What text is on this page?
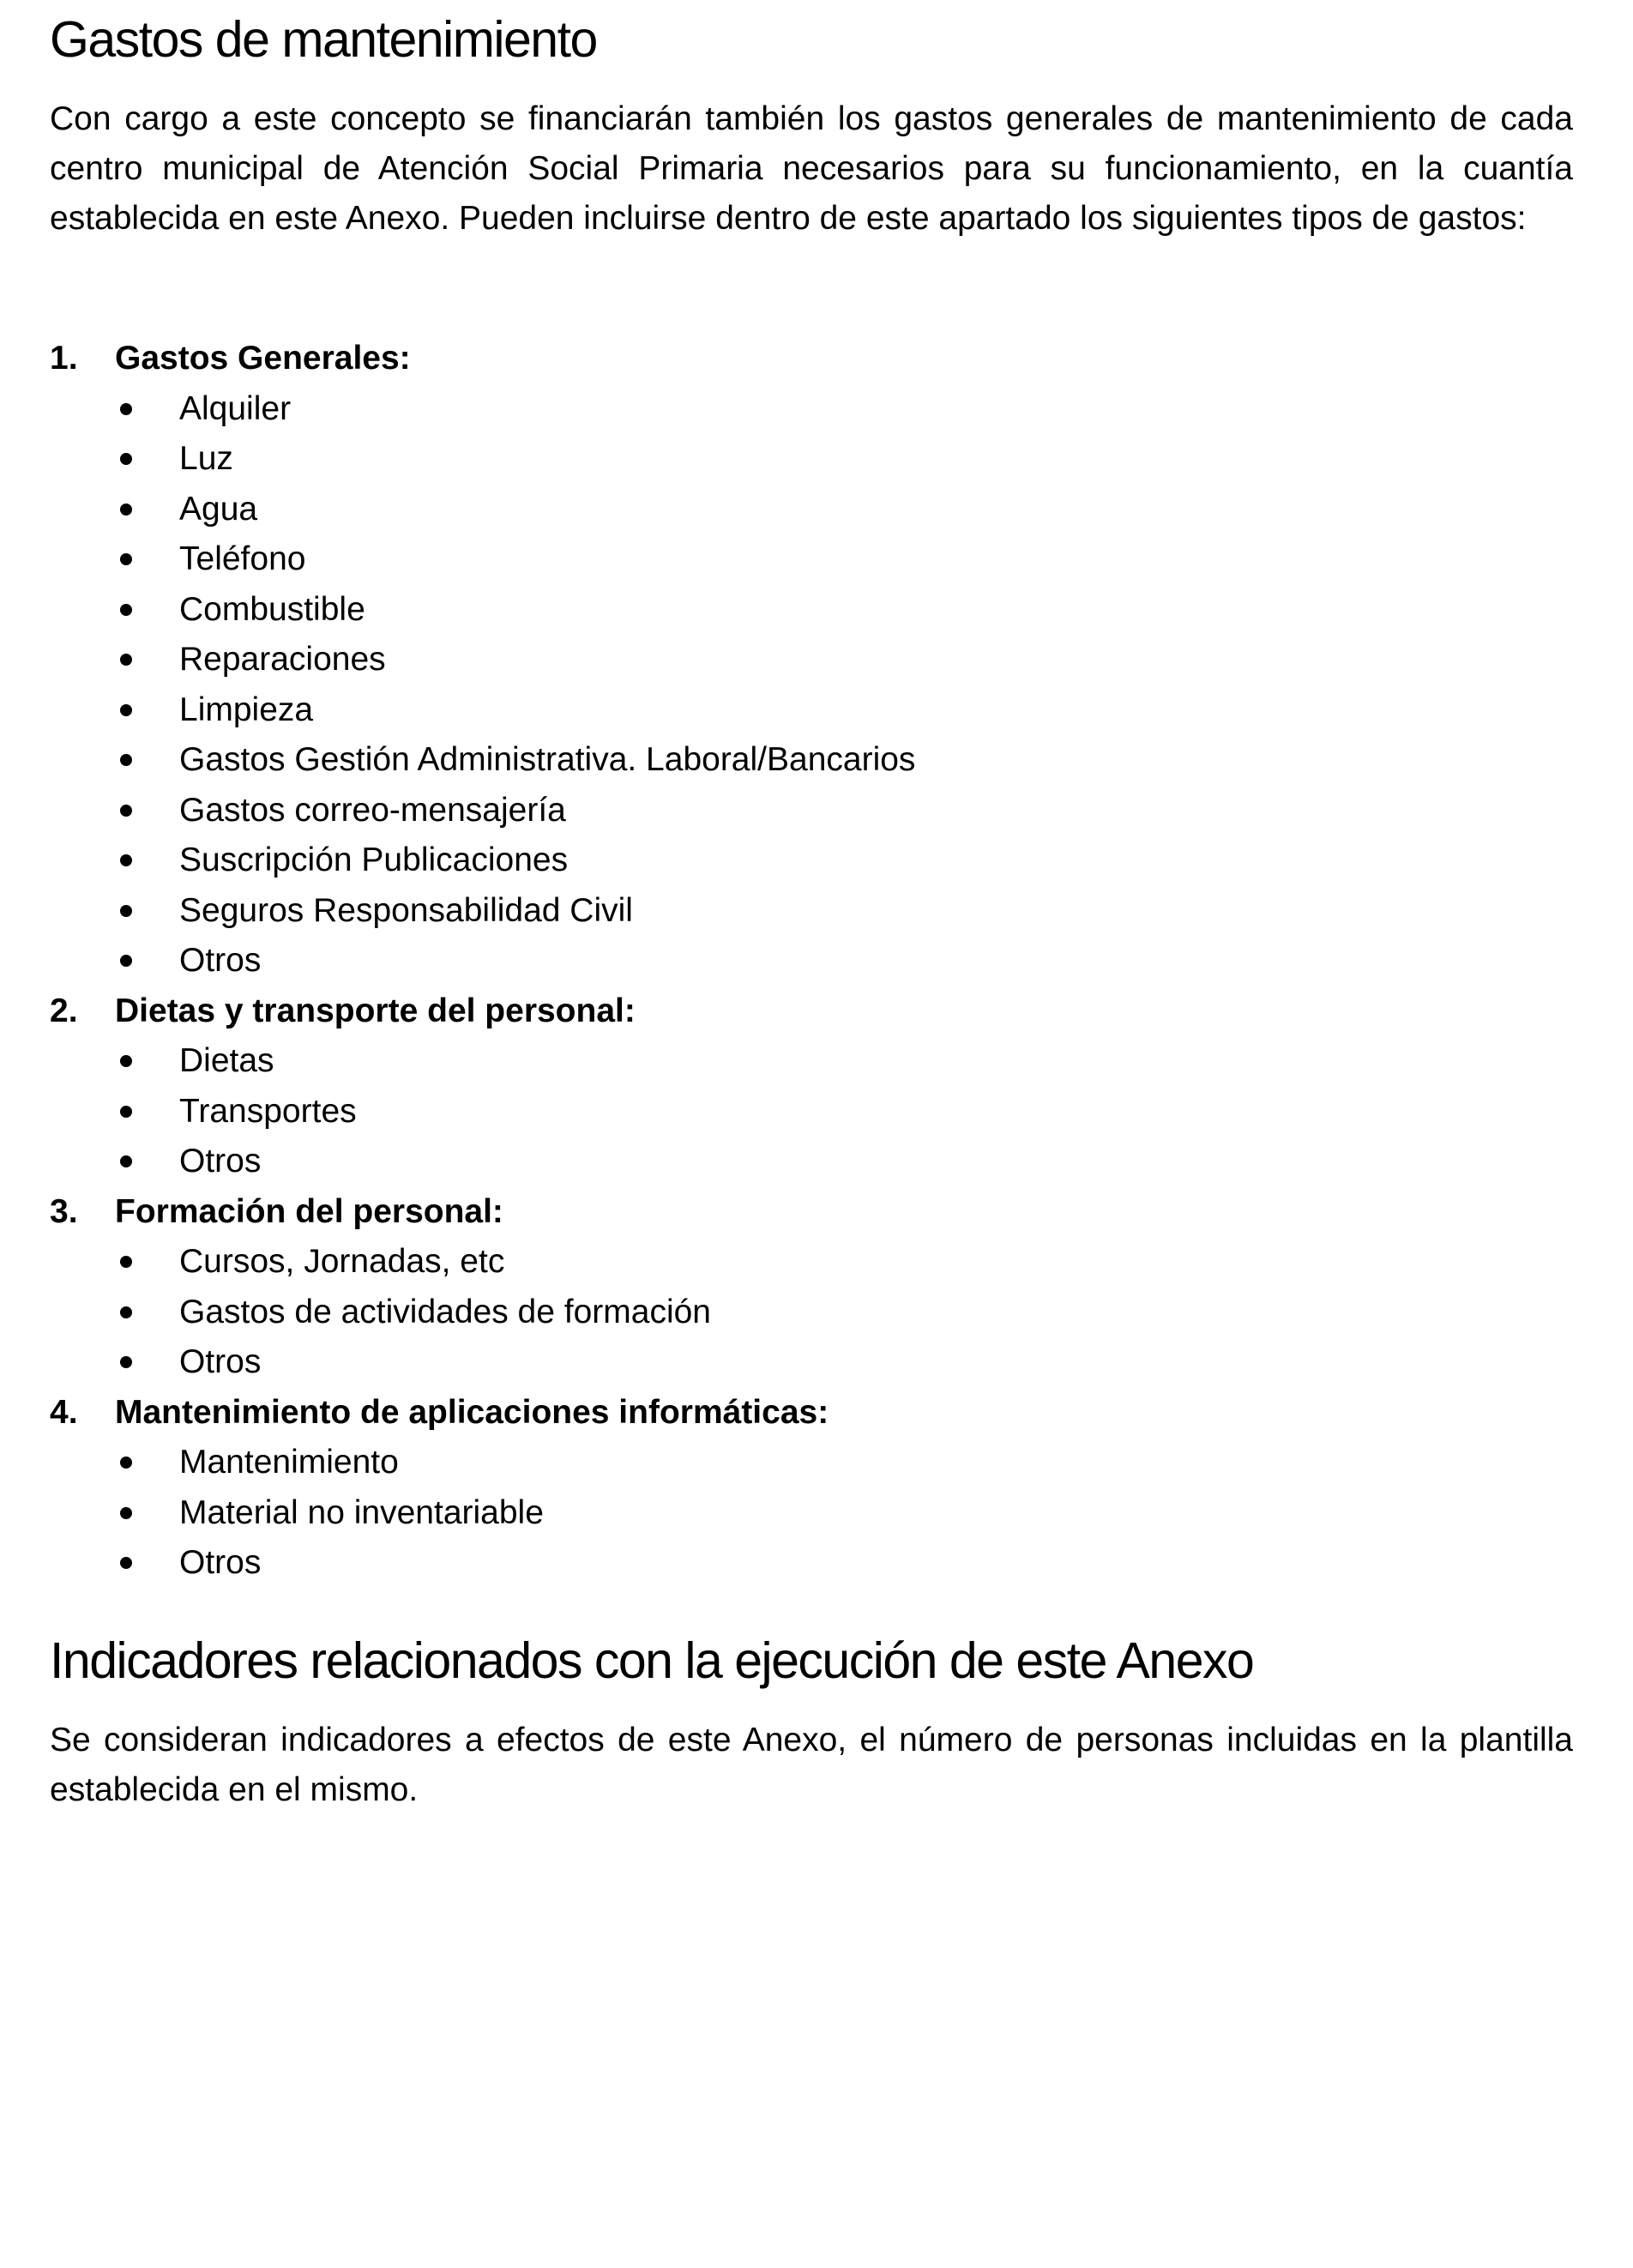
Gastos de mantenimiento

Con cargo a este concepto se financiarán también los gastos generales de mantenimiento de cada centro municipal de Atención Social Primaria necesarios para su funcionamiento, en la cuantía establecida en este Anexo. Pueden incluirse dentro de este apartado los siguientes tipos de gastos:

1. Gastos Generales:
Alquiler
Luz
Agua
Teléfono
Combustible
Reparaciones
Limpieza
Gastos Gestión Administrativa. Laboral/Bancarios
Gastos correo-mensajería
Suscripción Publicaciones
Seguros Responsabilidad Civil
Otros
2. Dietas y transporte del personal:
Dietas
Transportes
Otros
3. Formación del personal:
Cursos, Jornadas, etc
Gastos de actividades de formación
Otros
4. Mantenimiento de aplicaciones informáticas:
Mantenimiento
Material no inventariable
Otros
Indicadores relacionados con la ejecución de este Anexo

Se consideran indicadores a efectos de este Anexo, el número de personas incluidas en la plantilla establecida en el mismo.
